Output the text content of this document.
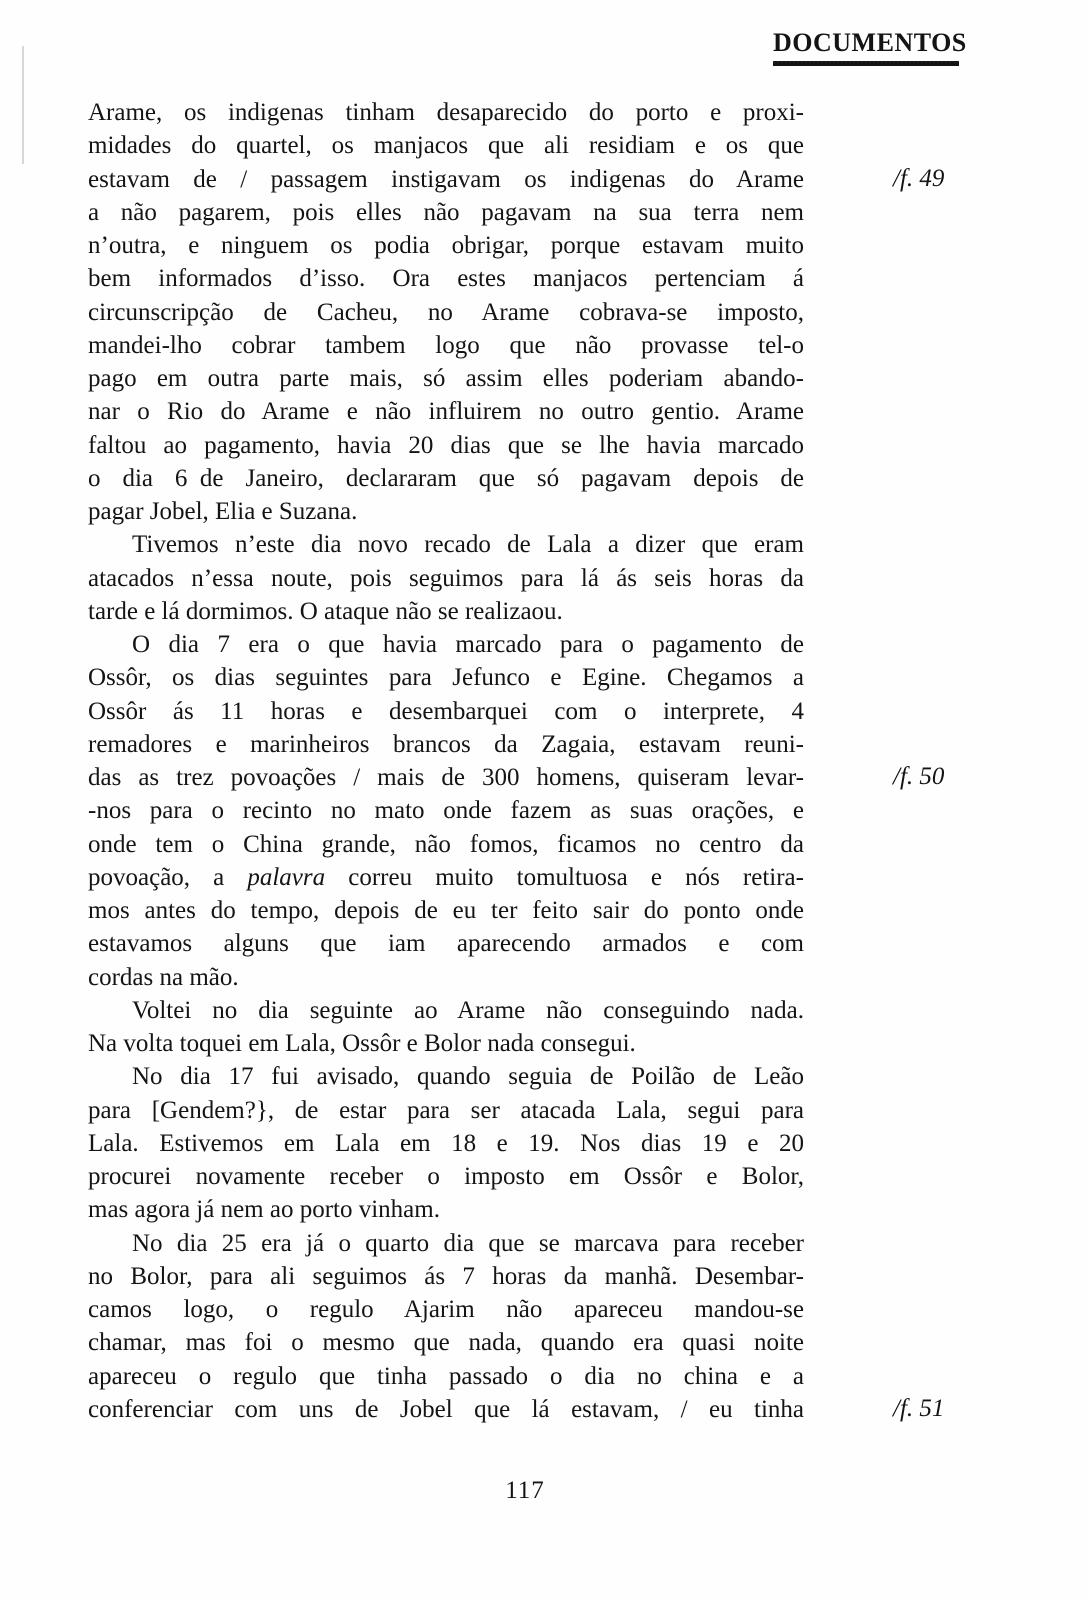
DOCUMENTOS
Arame, os indigenas tinham desaparecido do porto e proxi-
midades do quartel, os manjacos que ali residiam e os que
estavam de / passagem instigavam os indigenas do Arame
a não pagarem, pois elles não pagavam na sua terra nem
n’outra, e ninguem os podia obrigar, porque estavam muito
bem informados d’isso. Ora estes manjacos pertenciam á
circunscripção de Cacheu, no Arame cobrava-se imposto,
mandei-lho cobrar tambem logo que não provasse tel-o
pago em outra parte mais, só assim elles poderiam abando-
nar o Rio do Arame e não influirem no outro gentio. Arame
faltou ao pagamento, havia 20 dias que se lhe havia marcado
o dia 6 de Janeiro, declararam que só pagavam depois de
pagar Jobel, Elia e Suzana.
Tivemos n’este dia novo recado de Lala a dizer que eram
atacados n’essa noute, pois seguimos para lá ás seis horas da
tarde e lá dormimos. O ataque não se realizaou.
O dia 7 era o que havia marcado para o pagamento de
Ossôr, os dias seguintes para Jefunco e Egine. Chegamos a
Ossôr ás 11 horas e desembarquei com o interprete, 4
remadores e marinheiros brancos da Zagaia, estavam reuni-
das as trez povoações / mais de 300 homens, quiseram levar-
-nos para o recinto no mato onde fazem as suas orações, e
onde tem o China grande, não fomos, ficamos no centro da
povoação, a palavra correu muito tomultuosa e nós retira-
mos antes do tempo, depois de eu ter feito sair do ponto onde
estavamos alguns que iam aparecendo armados e com
cordas na mão.
Voltei no dia seguinte ao Arame não conseguindo nada.
Na volta toquei em Lala, Ossôr e Bolor nada consegui.
No dia 17 fui avisado, quando seguia de Poilão de Leão
para [Gendem?}, de estar para ser atacada Lala, segui para
Lala. Estivemos em Lala em 18 e 19. Nos dias 19 e 20
procurei novamente receber o imposto em Ossôr e Bolor,
mas agora já nem ao porto vinham.
No dia 25 era já o quarto dia que se marcava para receber
no Bolor, para ali seguimos ás 7 horas da manhã. Desembar-
camos logo, o regulo Ajarim não apareceu mandou-se
chamar, mas foi o mesmo que nada, quando era quasi noite
apareceu o regulo que tinha passado o dia no china e a
conferenciar com uns de Jobel que lá estavam, / eu tinha
/f. 49
/f. 50
/f. 51
117
